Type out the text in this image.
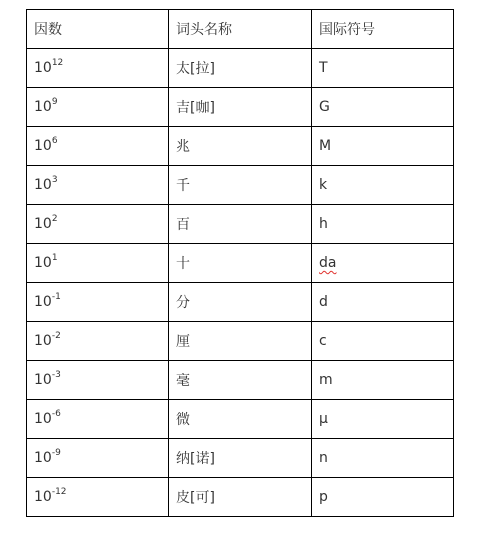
因数	词头名称	国际符号
$10^{12}$	太[拉]	T
$10^9$	吉[咖]	G
$10^6$	兆	M
$10^3$	千	k
$10^2$	百	h
$10^1$	十	da
$10^{-1}$	分	d
$10^{-2}$	厘	c
$10^{-3}$	毫	m
$10^{-6}$	微	μ
$10^{-9}$	纳[诺]	n
$10^{-12}$	皮[可]	p
